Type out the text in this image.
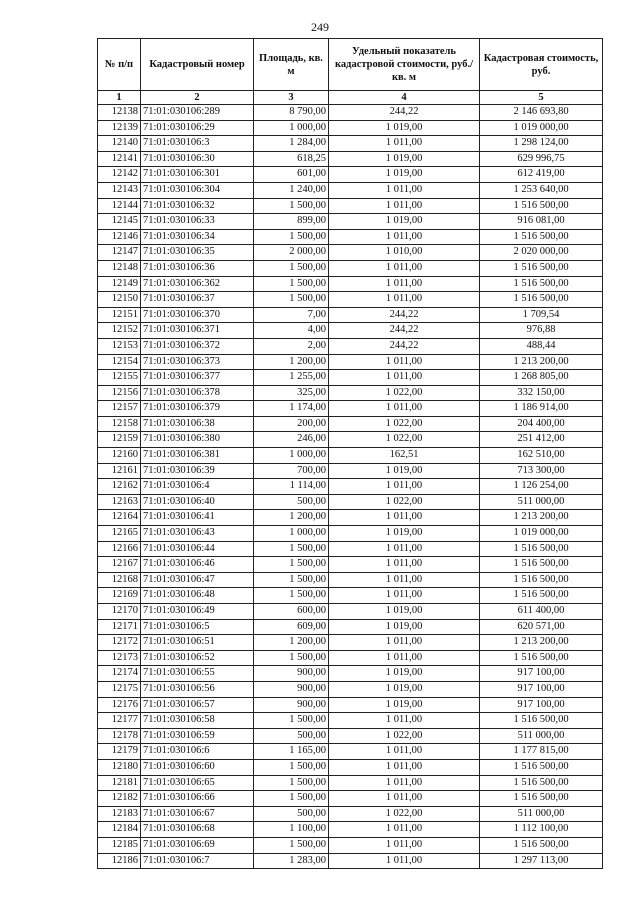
249
№ п/п	Кадастровый номер	Площадь, кв. м	Удельный показатель кадастровой стоимости, руб./кв. м	Кадастровая стоимость, руб.
1	2	3	4	5
12138	71:01:030106:289	8 790,00	244,22	2 146 693,80
12139	71:01:030106:29	1 000,00	1 019,00	1 019 000,00
12140	71:01:030106:3	1 284,00	1 011,00	1 298 124,00
12141	71:01:030106:30	618,25	1 019,00	629 996,75
12142	71:01:030106:301	601,00	1 019,00	612 419,00
12143	71:01:030106:304	1 240,00	1 011,00	1 253 640,00
12144	71:01:030106:32	1 500,00	1 011,00	1 516 500,00
12145	71:01:030106:33	899,00	1 019,00	916 081,00
12146	71:01:030106:34	1 500,00	1 011,00	1 516 500,00
12147	71:01:030106:35	2 000,00	1 010,00	2 020 000,00
12148	71:01:030106:36	1 500,00	1 011,00	1 516 500,00
12149	71:01:030106:362	1 500,00	1 011,00	1 516 500,00
12150	71:01:030106:37	1 500,00	1 011,00	1 516 500,00
12151	71:01:030106:370	7,00	244,22	1 709,54
12152	71:01:030106:371	4,00	244,22	976,88
12153	71:01:030106:372	2,00	244,22	488,44
12154	71:01:030106:373	1 200,00	1 011,00	1 213 200,00
12155	71:01:030106:377	1 255,00	1 011,00	1 268 805,00
12156	71:01:030106:378	325,00	1 022,00	332 150,00
12157	71:01:030106:379	1 174,00	1 011,00	1 186 914,00
12158	71:01:030106:38	200,00	1 022,00	204 400,00
12159	71:01:030106:380	246,00	1 022,00	251 412,00
12160	71:01:030106:381	1 000,00	162,51	162 510,00
12161	71:01:030106:39	700,00	1 019,00	713 300,00
12162	71:01:030106:4	1 114,00	1 011,00	1 126 254,00
12163	71:01:030106:40	500,00	1 022,00	511 000,00
12164	71:01:030106:41	1 200,00	1 011,00	1 213 200,00
12165	71:01:030106:43	1 000,00	1 019,00	1 019 000,00
12166	71:01:030106:44	1 500,00	1 011,00	1 516 500,00
12167	71:01:030106:46	1 500,00	1 011,00	1 516 500,00
12168	71:01:030106:47	1 500,00	1 011,00	1 516 500,00
12169	71:01:030106:48	1 500,00	1 011,00	1 516 500,00
12170	71:01:030106:49	600,00	1 019,00	611 400,00
12171	71:01:030106:5	609,00	1 019,00	620 571,00
12172	71:01:030106:51	1 200,00	1 011,00	1 213 200,00
12173	71:01:030106:52	1 500,00	1 011,00	1 516 500,00
12174	71:01:030106:55	900,00	1 019,00	917 100,00
12175	71:01:030106:56	900,00	1 019,00	917 100,00
12176	71:01:030106:57	900,00	1 019,00	917 100,00
12177	71:01:030106:58	1 500,00	1 011,00	1 516 500,00
12178	71:01:030106:59	500,00	1 022,00	511 000,00
12179	71:01:030106:6	1 165,00	1 011,00	1 177 815,00
12180	71:01:030106:60	1 500,00	1 011,00	1 516 500,00
12181	71:01:030106:65	1 500,00	1 011,00	1 516 500,00
12182	71:01:030106:66	1 500,00	1 011,00	1 516 500,00
12183	71:01:030106:67	500,00	1 022,00	511 000,00
12184	71:01:030106:68	1 100,00	1 011,00	1 112 100,00
12185	71:01:030106:69	1 500,00	1 011,00	1 516 500,00
12186	71:01:030106:7	1 283,00	1 011,00	1 297 113,00
